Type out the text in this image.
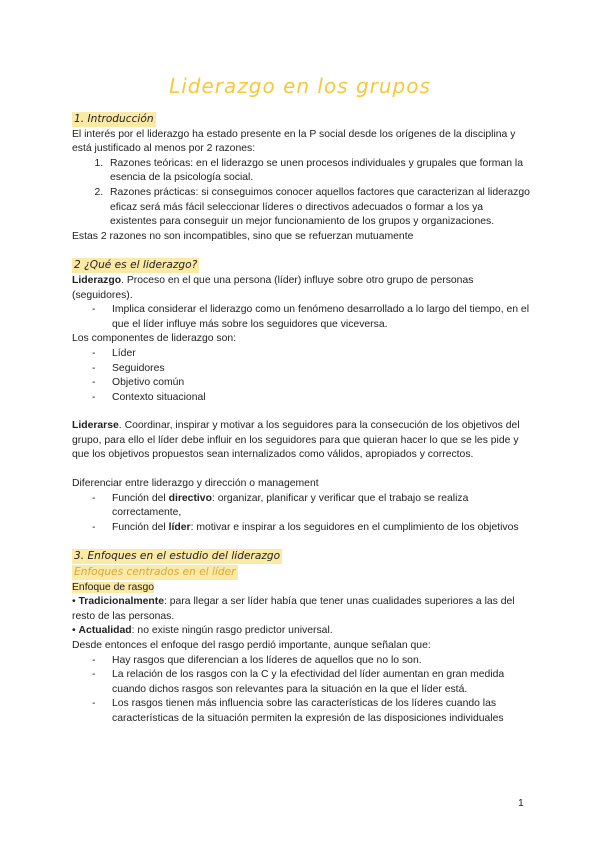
Liderazgo en los grupos
1. Introducción

El interés por el liderazgo ha estado presente en la P social desde los orígenes de la disciplina y está justificado al menos por 2 razones:

1. Razones teóricas: en el liderazgo se unen procesos individuales y grupales que forman la esencia de la psicología social.
2. Razones prácticas: si conseguimos conocer aquellos factores que caracterizan al liderazgo eficaz será más fácil seleccionar líderes o directivos adecuados o formar a los ya existentes para conseguir un mejor funcionamiento de los grupos y organizaciones.

Estas 2 razones no son incompatibles, sino que se refuerzan mutuamente

2 ¿Qué es el liderazgo?

Liderazgo. Proceso en el que una persona (líder) influye sobre otro grupo de personas (seguidores).

- Implica considerar el liderazgo como un fenómeno desarrollado a lo largo del tiempo, en el que el líder influye más sobre los seguidores que viceversa.

Los componentes de liderazgo son:

- Líder
- Seguidores
- Objetivo común
- Contexto situacional

Liderarse. Coordinar, inspirar y motivar a los seguidores para la consecución de los objetivos del grupo, para ello el líder debe influir en los seguidores para que quieran hacer lo que se les pide y que los objetivos propuestos sean internalizados como válidos, apropiados y correctos.

Diferenciar entre liderazgo y dirección o management

- Función del directivo: organizar, planificar y verificar que el trabajo se realiza correctamente,
- Función del líder: motivar e inspirar a los seguidores en el cumplimiento de los objetivos
3. Enfoques en el estudio del liderazgo
Enfoques centrados en el líder

Enfoque de rasgo

• Tradicionalmente: para llegar a ser líder había que tener unas cualidades superiores a las del resto de las personas.

• Actualidad: no existe ningún rasgo predictor universal.

Desde entonces el enfoque del rasgo perdió importante, aunque señalan que:

- Hay rasgos que diferencian a los líderes de aquellos que no lo son.
- La relación de los rasgos con la C y la efectividad del líder aumentan en gran medida cuando dichos rasgos son relevantes para la situación en la que el líder está.
- Los rasgos tienen más influencia sobre las características de los líderes cuando las características de la situación permiten la expresión de las disposiciones individuales
1
